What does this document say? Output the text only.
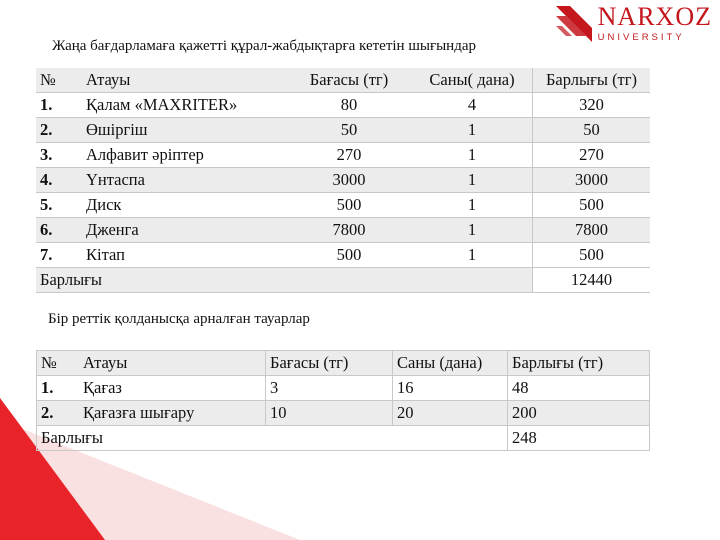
NARXOZ
UNIVERSITY
Жаңа бағдарламаға қажетті құрал-жабдықтарға кететін шығындар
№	Атауы	Бағасы (тг)	Саны( дана)	Барлығы (тг)
1.	Қалам «MAXRITER»	80	4	320
2.	Өшіргіш	50	1	50
3.	Алфавит әріптер	270	1	270
4.	Үнтаспа	3000	1	3000
5.	Диск	500	1	500
6.	Дженга	7800	1	7800
7.	Кітап	500	1	500
Барлығы				12440
Бір реттік қолданысқа арналған тауарлар
№	Атауы	Бағасы (тг)	Саны (дана)	Барлығы (тг)
1.	Қағаз	3	16	48
2.	Қағазға шығару	10	20	200
Барлығы				248
